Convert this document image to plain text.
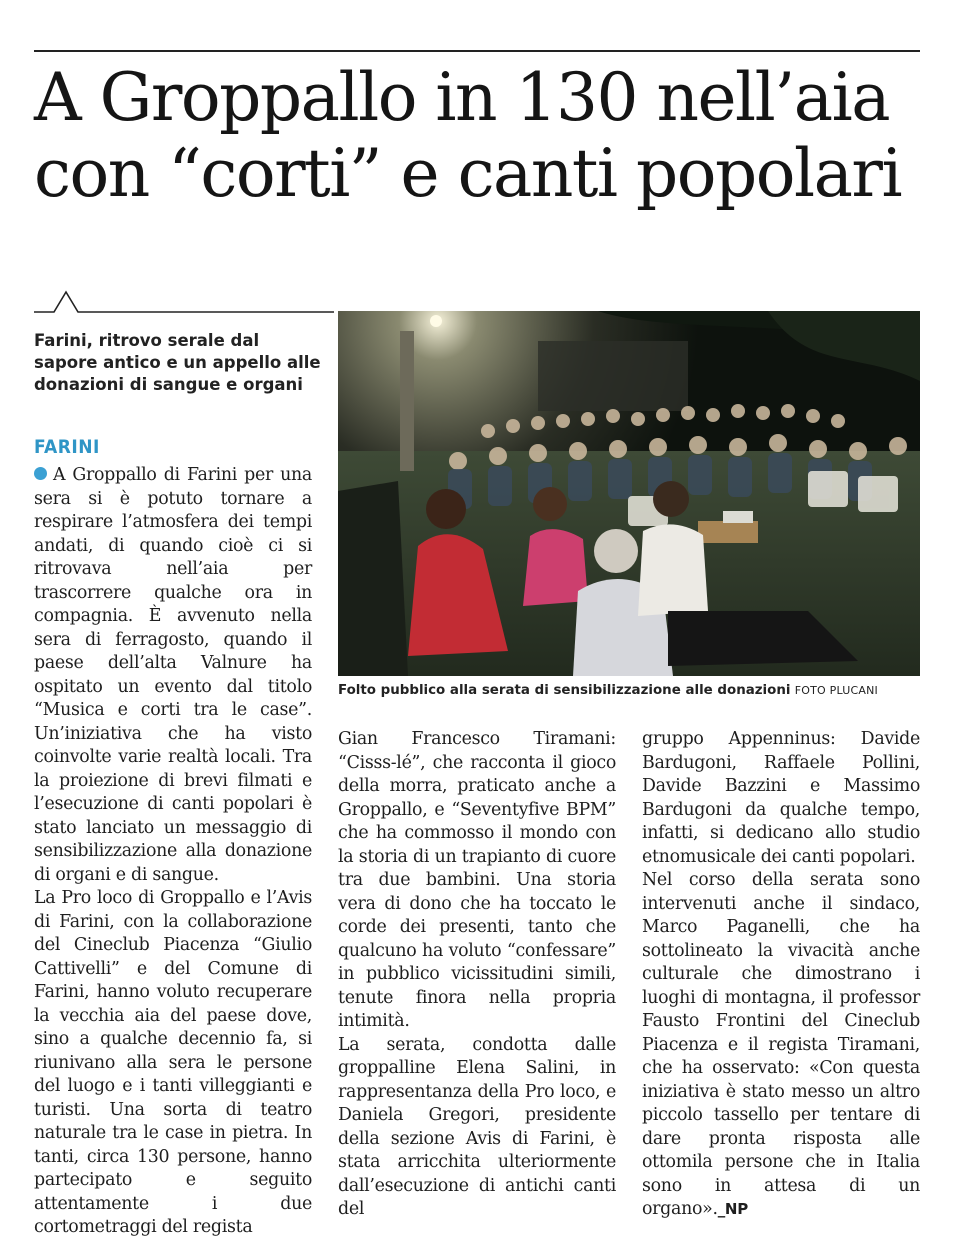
A Groppallo in 130 nell’aia
con “corti” e canti popolari

Farini, ritrovo serale dal sapore antico e un appello alle donazioni di sangue e organi

FARINI

A Groppallo di Farini per una sera si è potuto tornare a respirare l’atmosfera dei tempi andati, di quando cioè ci si ritrovava nell’aia per trascorrere qualche ora in compagnia. È avvenuto nella sera di ferragosto, quando il paese dell’alta Valnure ha ospitato un evento dal titolo “Musica e corti tra le case”. Un’iniziativa che ha visto coinvolte varie realtà locali. Tra la proiezione di brevi filmati e l’esecuzione di canti popolari è stato lanciato un messaggio di sensibilizzazione alla donazione di organi e di sangue.

La Pro loco di Groppallo e l’Avis di Farini, con la collaborazione del Cineclub Piacenza “Giulio Cattivelli” e del Comune di Farini, hanno voluto recuperare la vecchia aia del paese dove, sino a qualche decennio fa, si riunivano alla sera le persone del luogo e i tanti villeggianti e turisti. Una sorta di teatro naturale tra le case in pietra. In tanti, circa 130 persone, hanno partecipato e seguito attentamente i due cortometraggi del regista

Folto pubblico alla serata di sensibilizzazione alle donazioni FOTO PLUCANI

Gian Francesco Tiramani: “Cisss-lé”, che racconta il gioco della morra, praticato anche a Groppallo, e “Seventyfive BPM” che ha commosso il mondo con la storia di un trapianto di cuore tra due bambini. Una storia vera di dono che ha toccato le corde dei presenti, tanto che qualcuno ha voluto “confessare” in pubblico vicissitudini simili, tenute finora nella propria intimità.

La serata, condotta dalle groppalline Elena Salini, in rappresentanza della Pro loco, e Daniela Gregori, presidente della sezione Avis di Farini, è stata arricchita ulteriormente dall’esecuzione di antichi canti del

gruppo Appenninus: Davide Bardugoni, Raffaele Pollini, Davide Bazzini e Massimo Bardugoni da qualche tempo, infatti, si dedicano allo studio etnomusicale dei canti popolari.

Nel corso della serata sono intervenuti anche il sindaco, Marco Paganelli, che ha sottolineato la vivacità anche culturale che dimostrano i luoghi di montagna, il professor Fausto Frontini del Cineclub Piacenza e il regista Tiramani, che ha osservato: «Con questa iniziativa è stato messo un altro piccolo tassello per tentare di dare pronta risposta alle ottomila persone che in Italia sono in attesa di un organo»._NP
